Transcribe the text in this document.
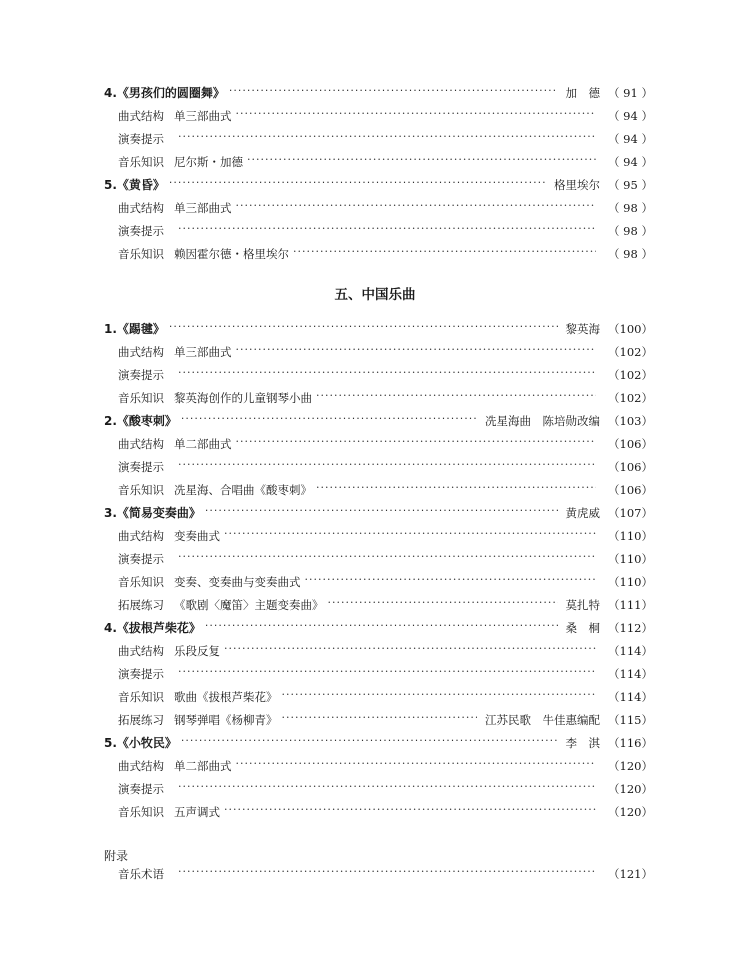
4.《男孩们的圆圈舞》 ·····	加　德 （ 91 ）
曲式结构 单三部曲式 ·····	（ 94 ）
演奏提示 ·····	（ 94 ）
音乐知识 尼尔斯・加德 ·····	（ 94 ）
5.《黄昏》 ·····	格里埃尔 （ 95 ）
曲式结构 单三部曲式 ·····	（ 98 ）
演奏提示 ·····	（ 98 ）
音乐知识 赖因霍尔德・格里埃尔 ·····	（ 98 ）
五、中国乐曲
1.《踢毽》 ·····	黎英海 （100）
曲式结构 单三部曲式 ·····	（102）
演奏提示 ·····	（102）
音乐知识 黎英海创作的儿童钢琴小曲 ·····	（102）
2.《酸枣刺》 ·····	冼星海曲　陈培勋改编 （103）
曲式结构 单二部曲式 ·····	（106）
演奏提示 ·····	（106）
音乐知识 冼星海、合唱曲《酸枣刺》 ·····	（106）
3.《简易变奏曲》 ·····	黄虎威 （107）
曲式结构 变奏曲式 ·····	（110）
演奏提示 ·····	（110）
音乐知识 变奏、变奏曲与变奏曲式 ·····	（110）
拓展练习 《歌剧〈魔笛〉主题变奏曲》 ·····	莫扎特 （111）
4.《拔根芦柴花》 ·····	桑　桐 （112）
曲式结构 乐段反复 ·····	（114）
演奏提示 ·····	（114）
音乐知识 歌曲《拔根芦柴花》 ·····	（114）
拓展练习 钢琴弹唱《杨柳青》 ·····	江苏民歌　牛佳惠编配 （115）
5.《小牧民》 ·····	李　淇 （116）
曲式结构 单二部曲式 ·····	（120）
演奏提示 ·····	（120）
音乐知识 五声调式 ·····	（120）
附录
音乐术语 ·····	（121）
